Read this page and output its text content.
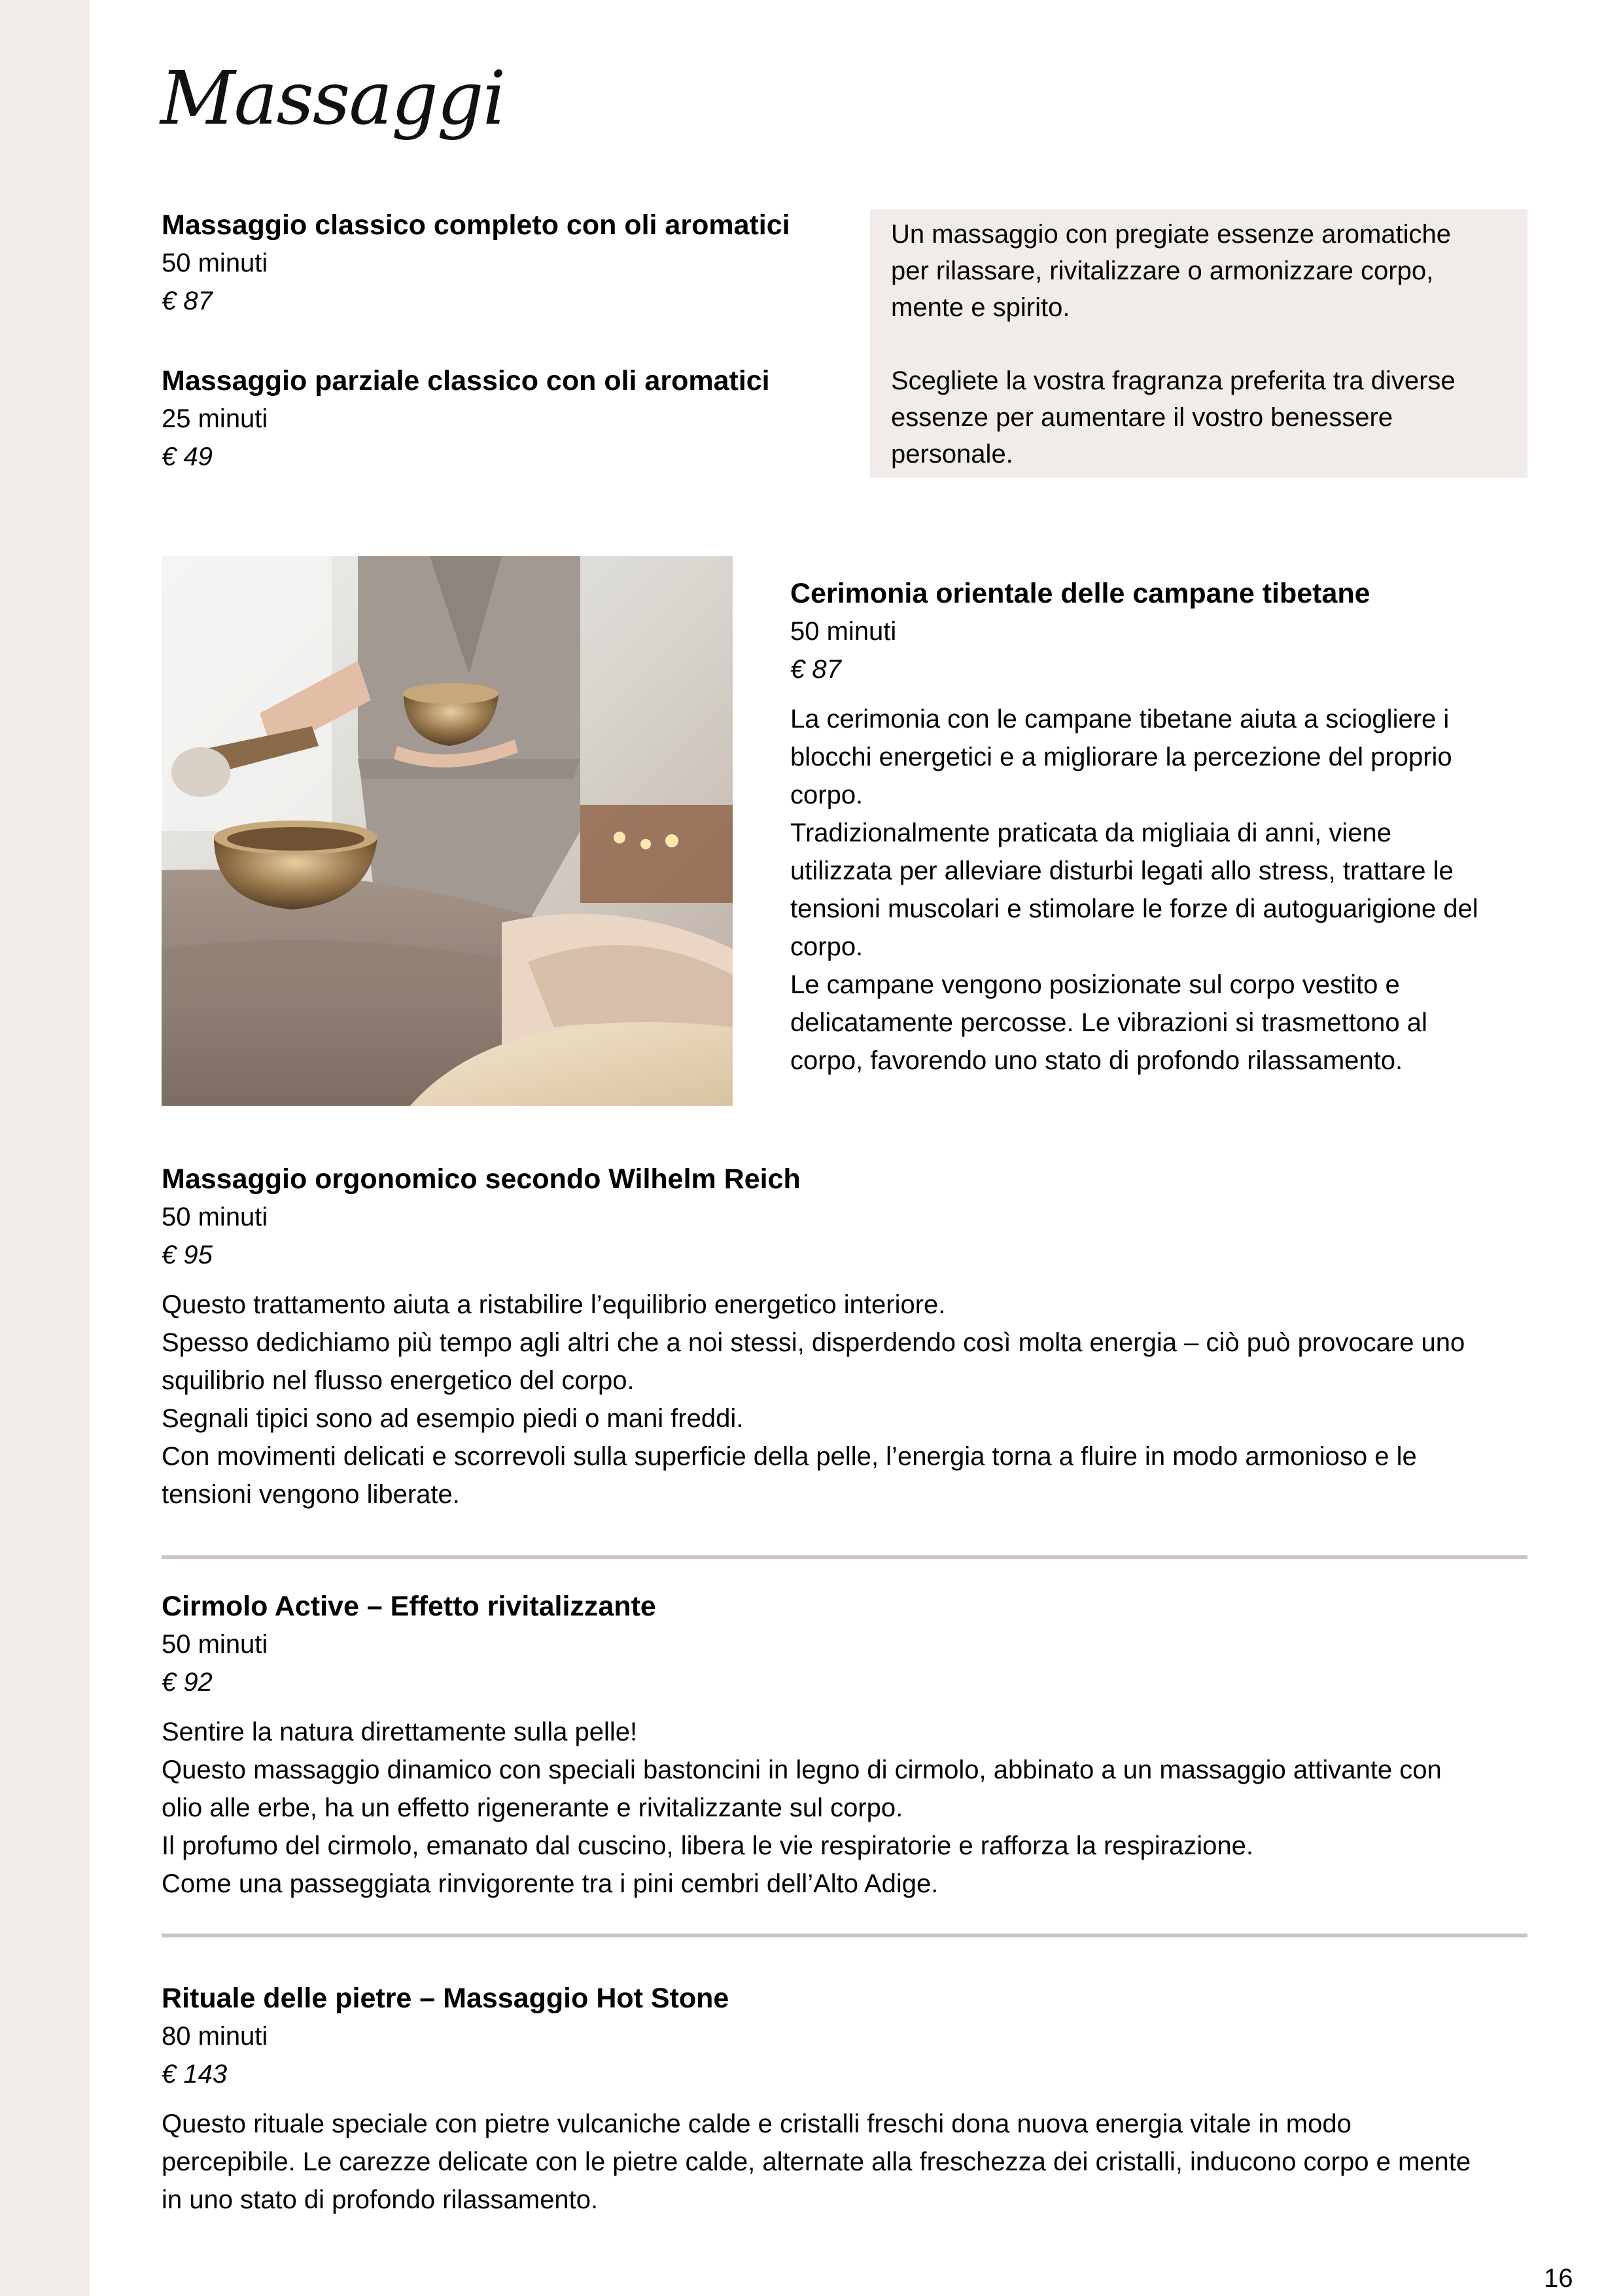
Massaggi

Massaggio classico completo con oli aromatici

50 minuti

€ 87

Massaggio parziale classico con oli aromatici

25 minuti

€ 49

Un massaggio con pregiate essenze aromatiche

per rilassare, rivitalizzare o armonizzare corpo,

mente e spirito.

Scegliete la vostra fragranza preferita tra diverse

essenze per aumentare il vostro benessere

personale.

Cerimonia orientale delle campane tibetane

50 minuti

€ 87

La cerimonia con le campane tibetane aiuta a sciogliere i

blocchi energetici e a migliorare la percezione del proprio

corpo.

Tradizionalmente praticata da migliaia di anni, viene

utilizzata per alleviare disturbi legati allo stress, trattare le

tensioni muscolari e stimolare le forze di autoguarigione del

corpo.

Le campane vengono posizionate sul corpo vestito e

delicatamente percosse. Le vibrazioni si trasmettono al

corpo, favorendo uno stato di profondo rilassamento.

Massaggio orgonomico secondo Wilhelm Reich

50 minuti

€ 95

Questo trattamento aiuta a ristabilire l’equilibrio energetico interiore.

Spesso dedichiamo più tempo agli altri che a noi stessi, disperdendo così molta energia – ciò può provocare uno

squilibrio nel flusso energetico del corpo.

Segnali tipici sono ad esempio piedi o mani freddi.

Con movimenti delicati e scorrevoli sulla superficie della pelle, l’energia torna a fluire in modo armonioso e le

tensioni vengono liberate.

Cirmolo Active – Effetto rivitalizzante

50 minuti

€ 92

Sentire la natura direttamente sulla pelle!

Questo massaggio dinamico con speciali bastoncini in legno di cirmolo, abbinato a un massaggio attivante con

olio alle erbe, ha un effetto rigenerante e rivitalizzante sul corpo.

Il profumo del cirmolo, emanato dal cuscino, libera le vie respiratorie e rafforza la respirazione.

Come una passeggiata rinvigorente tra i pini cembri dell’Alto Adige.

Rituale delle pietre – Massaggio Hot Stone

80 minuti

€ 143

Questo rituale speciale con pietre vulcaniche calde e cristalli freschi dona nuova energia vitale in modo

percepibile. Le carezze delicate con le pietre calde, alternate alla freschezza dei cristalli, inducono corpo e mente

in uno stato di profondo rilassamento.

16
